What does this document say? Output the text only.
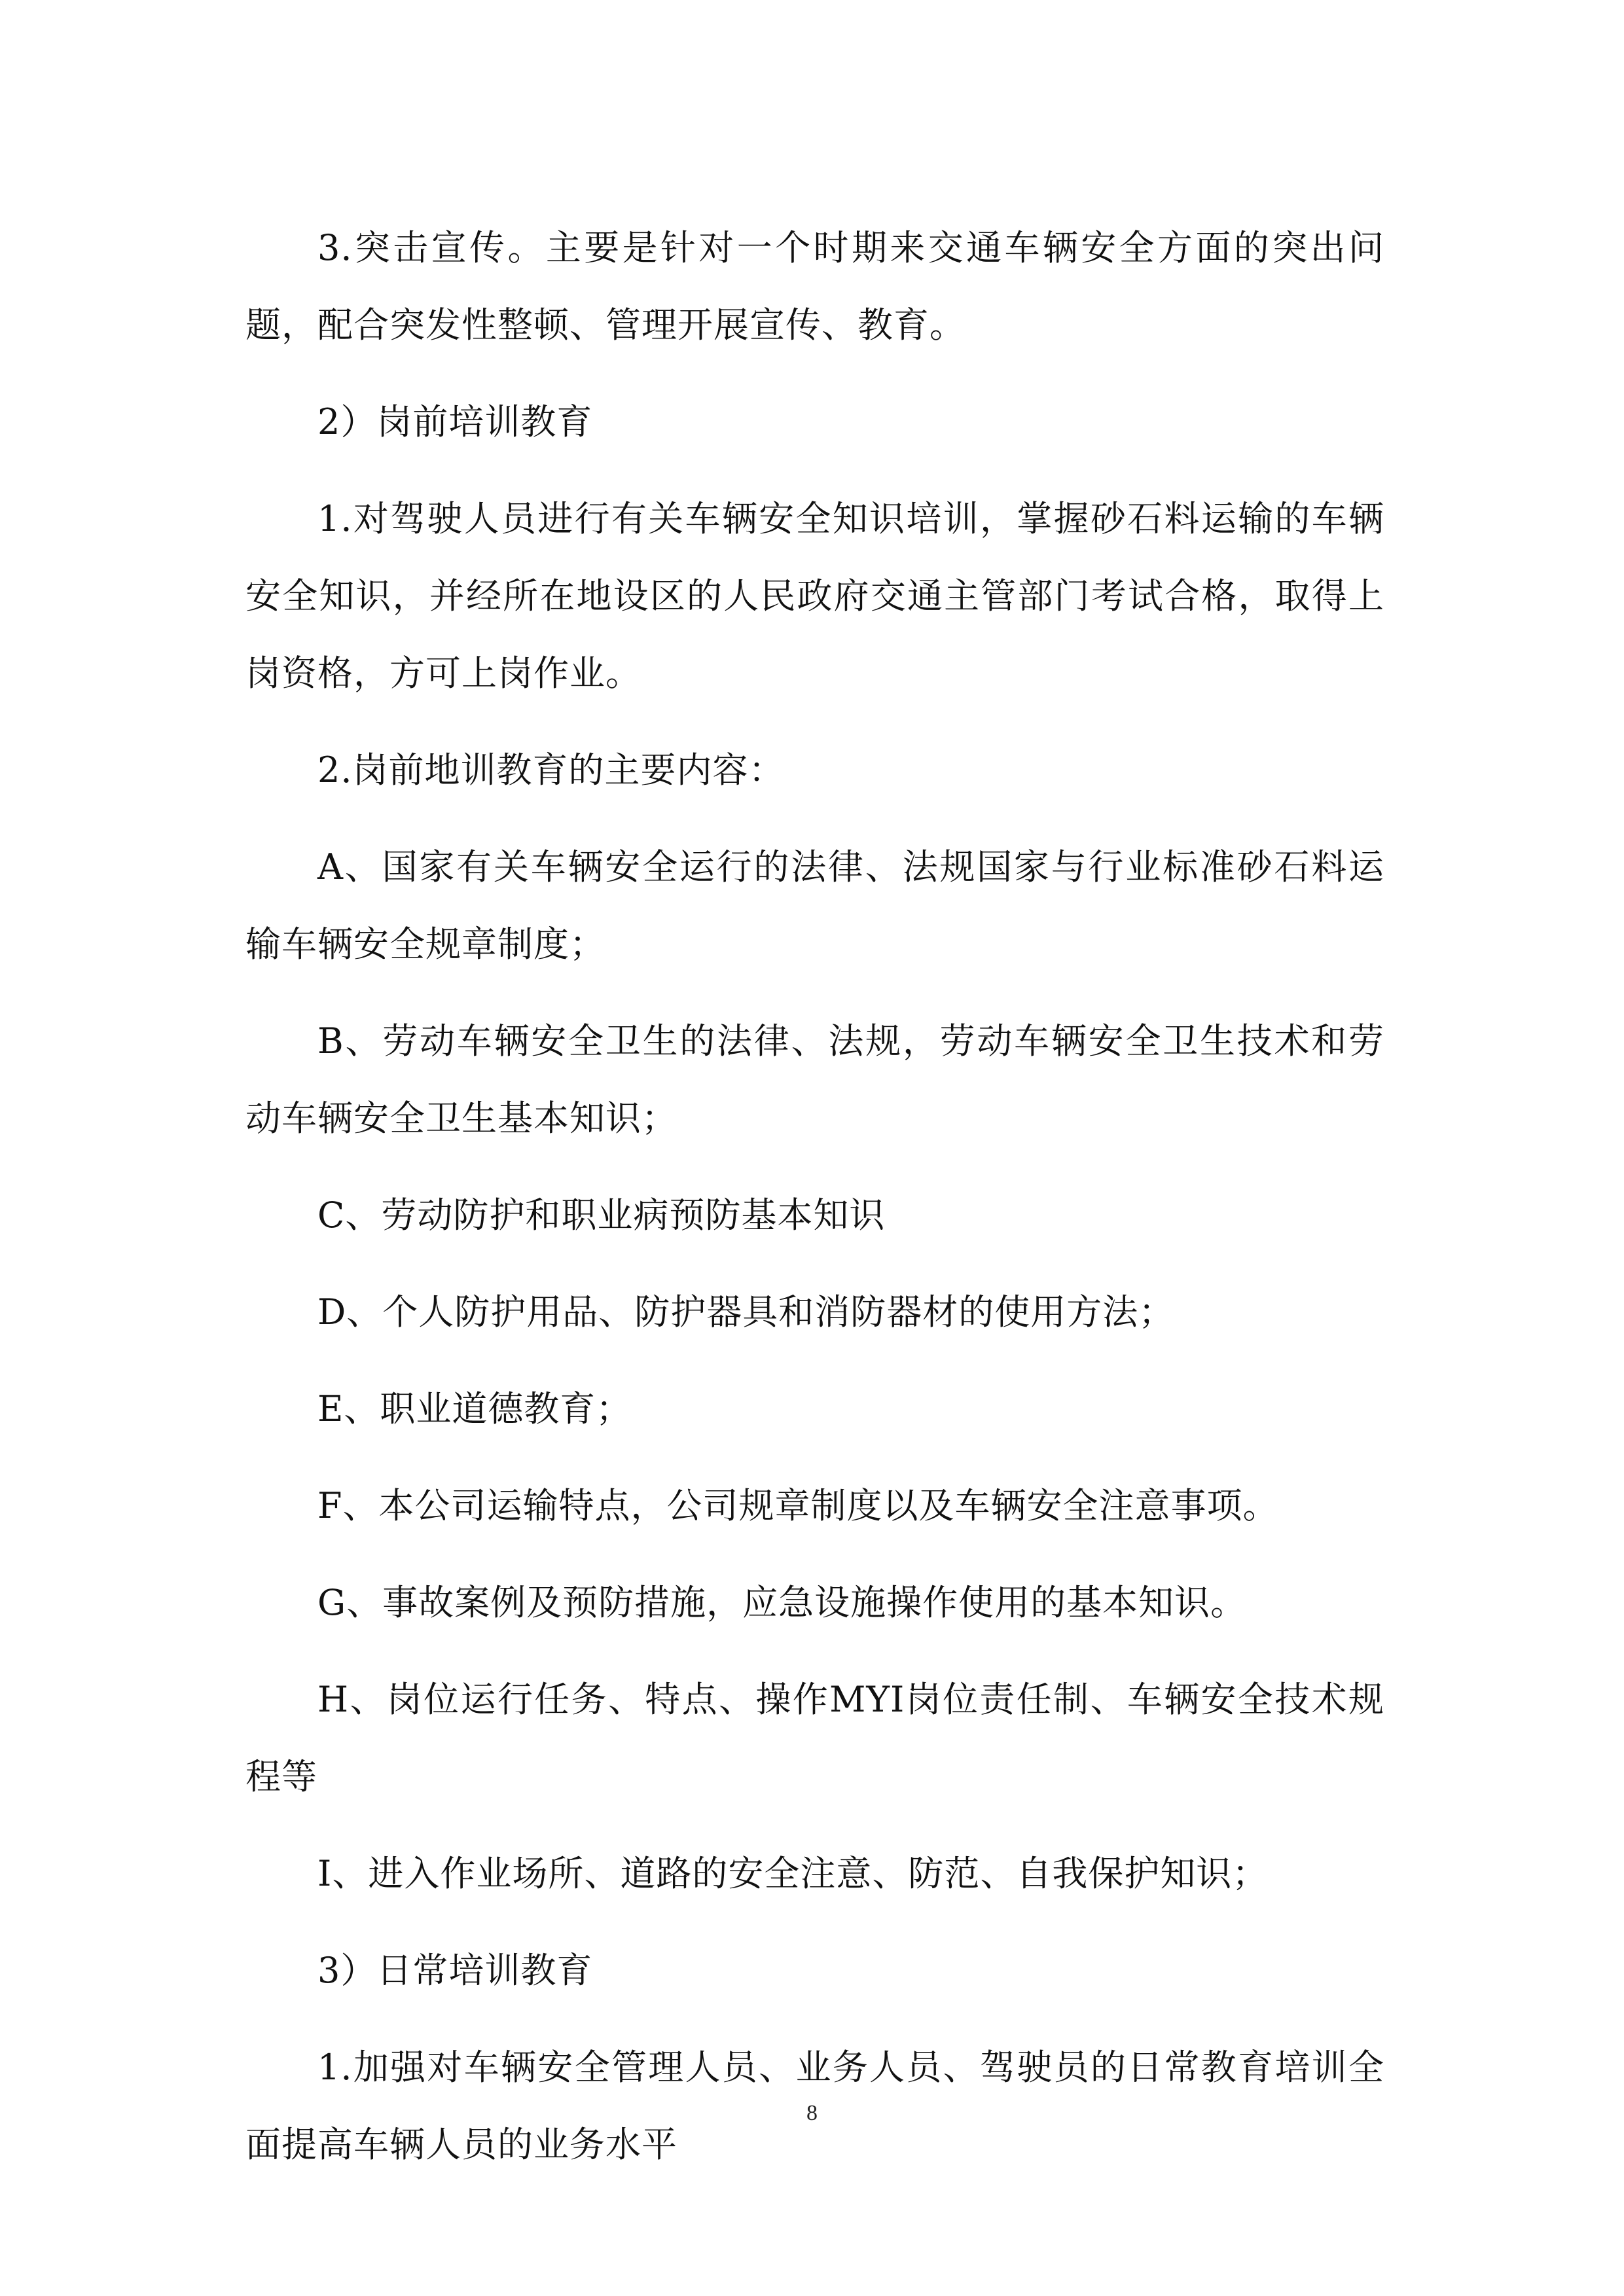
3.突击宣传。主要是针对一个时期来交通车辆安全方面的突出问题，配合突发性整顿、管理开展宣传、教育。

2）岗前培训教育

1.对驾驶人员进行有关车辆安全知识培训，掌握砂石料运输的车辆安全知识，并经所在地设区的人民政府交通主管部门考试合格，取得上岗资格，方可上岗作业。

2.岗前地训教育的主要内容：

A、国家有关车辆安全运行的法律、法规国家与行业标准砂石料运输车辆安全规章制度；

B、劳动车辆安全卫生的法律、法规，劳动车辆安全卫生技术和劳动车辆安全卫生基本知识；

C、劳动防护和职业病预防基本知识

D、个人防护用品、防护器具和消防器材的使用方法；

E、职业道德教育；

F、本公司运输特点，公司规章制度以及车辆安全注意事项。

G、事故案例及预防措施，应急设施操作使用的基本知识。

H、岗位运行任务、特点、操作MYI岗位责任制、车辆安全技术规程等

I、进入作业场所、道路的安全注意、防范、自我保护知识；

3）日常培训教育

1.加强对车辆安全管理人员、业务人员、驾驶员的日常教育培训全面提高车辆人员的业务水平

8
